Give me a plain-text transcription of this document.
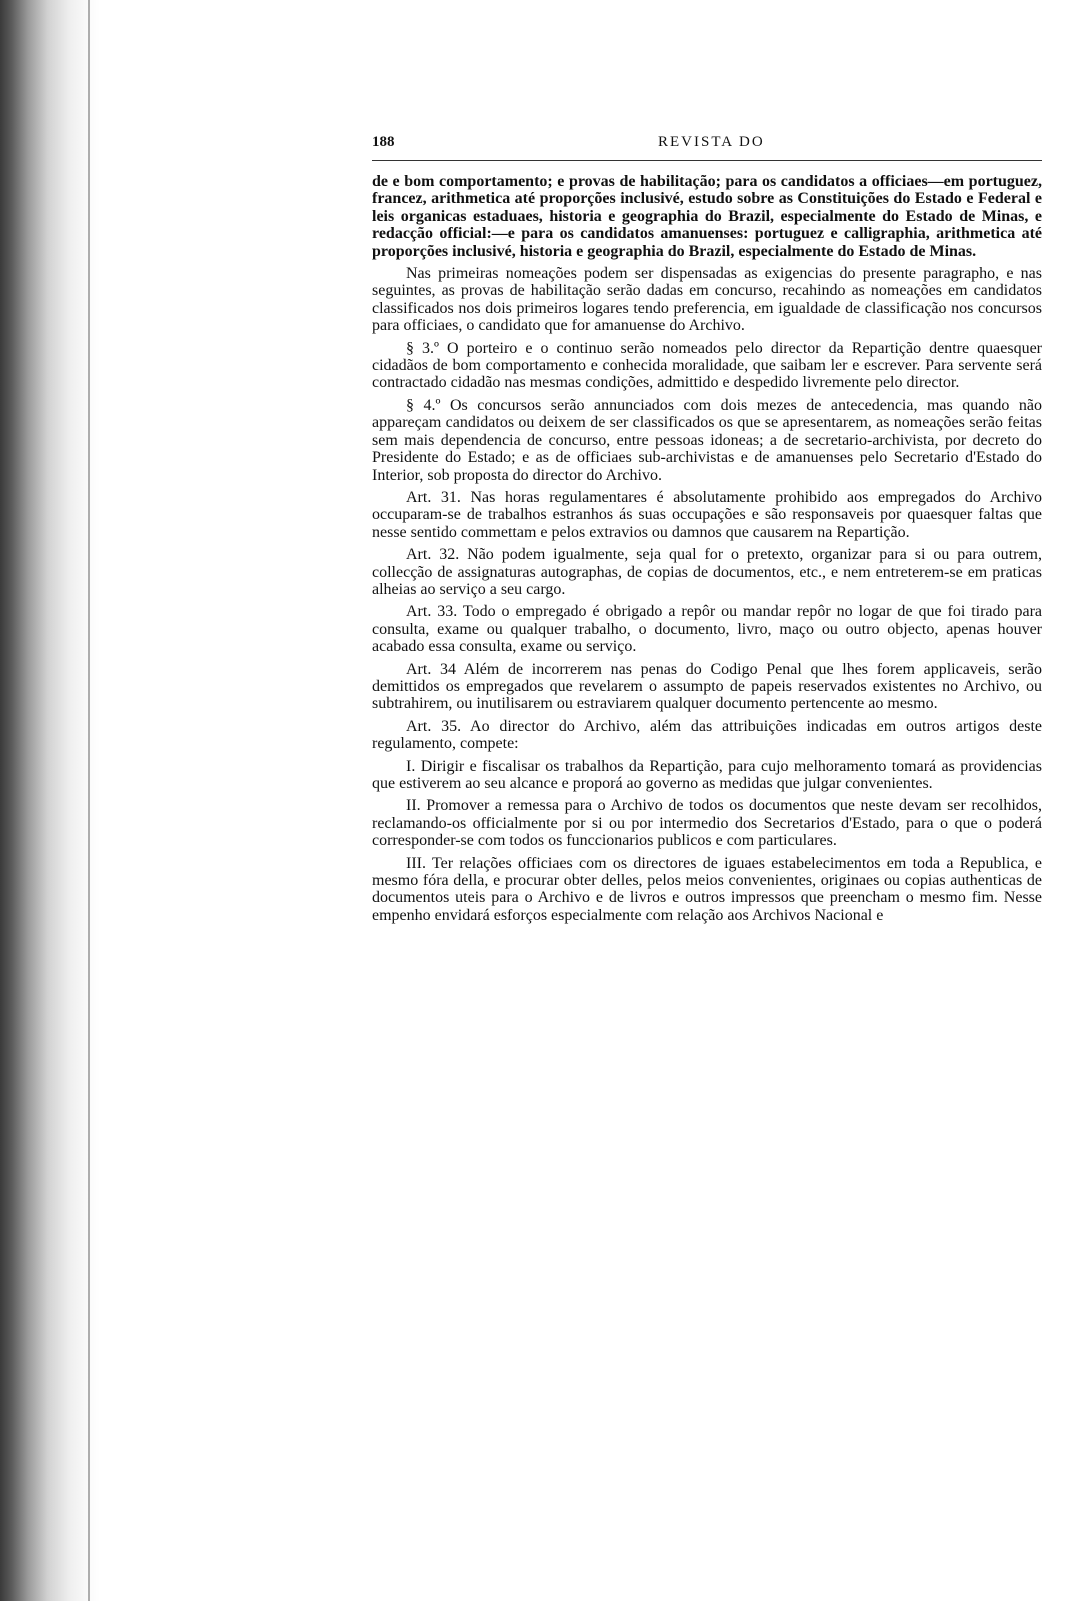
188	REVISTA DO

de e bom comportamento; e provas de habilitação; para os candidatos a officiaes—em portuguez, francez, arithmetica até proporções inclusivé, estudo sobre as Constituições do Estado e Federal e leis organicas estaduaes, historia e geographia do Brazil, especialmente do Estado de Minas, e redacção official:—e para os candidatos amanuenses: portuguez e calligraphia, arithmetica até proporções inclusivé, historia e geographia do Brazil, especialmente do Estado de Minas.

Nas primeiras nomeações podem ser dispensadas as exigencias do presente paragrapho, e nas seguintes, as provas de habilitação serão dadas em concurso, recahindo as nomeações em candidatos classificados nos dois primeiros logares tendo preferencia, em igualdade de classificação nos concursos para officiaes, o candidato que for amanuense do Archivo.

§ 3.º O porteiro e o continuo serão nomeados pelo director da Repartição dentre quaesquer cidadãos de bom comportamento e conhecida moralidade, que saibam ler e escrever. Para servente será contractado cidadão nas mesmas condições, admittido e despedido livremente pelo director.

§ 4.º Os concursos serão annunciados com dois mezes de antecedencia, mas quando não appareçam candidatos ou deixem de ser classificados os que se apresentarem, as nomeações serão feitas sem mais dependencia de concurso, entre pessoas idoneas; a de secretario-archivista, por decreto do Presidente do Estado; e as de officiaes sub-archivistas e de amanuenses pelo Secretario d'Estado do Interior, sob proposta do director do Archivo.

Art. 31. Nas horas regulamentares é absolutamente prohibido aos empregados do Archivo occuparam-se de trabalhos estranhos ás suas occupações e são responsaveis por quaesquer faltas que nesse sentido commettam e pelos extravios ou damnos que causarem na Repartição.

Art. 32. Não podem igualmente, seja qual for o pretexto, organizar para si ou para outrem, collecção de assignaturas autographas, de copias de documentos, etc., e nem entreterem-se em praticas alheias ao serviço a seu cargo.

Art. 33. Todo o empregado é obrigado a repôr ou mandar repôr no logar de que foi tirado para consulta, exame ou qualquer trabalho, o documento, livro, maço ou outro objecto, apenas houver acabado essa consulta, exame ou serviço.

Art. 34 Além de incorrerem nas penas do Codigo Penal que lhes forem applicaveis, serão demittidos os empregados que revelarem o assumpto de papeis reservados existentes no Archivo, ou subtrahirem, ou inutilisarem ou estraviarem qualquer documento pertencente ao mesmo.

Art. 35. Ao director do Archivo, além das attribuições indicadas em outros artigos deste regulamento, compete:

I. Dirigir e fiscalisar os trabalhos da Repartição, para cujo melhoramento tomará as providencias que estiverem ao seu alcance e proporá ao governo as medidas que julgar convenientes.

II. Promover a remessa para o Archivo de todos os documentos que neste devam ser recolhidos, reclamando-os officialmente por si ou por intermedio dos Secretarios d'Estado, para o que o poderá corresponder-se com todos os funccionarios publicos e com particulares.

III. Ter relações officiaes com os directores de iguaes estabelecimentos em toda a Republica, e mesmo fóra della, e procurar obter delles, pelos meios convenientes, originaes ou copias authenticas de documentos uteis para o Archivo e de livros e outros impressos que preencham o mesmo fim. Nesse empenho envidará esforços especialmente com relação aos Archivos Nacional e
